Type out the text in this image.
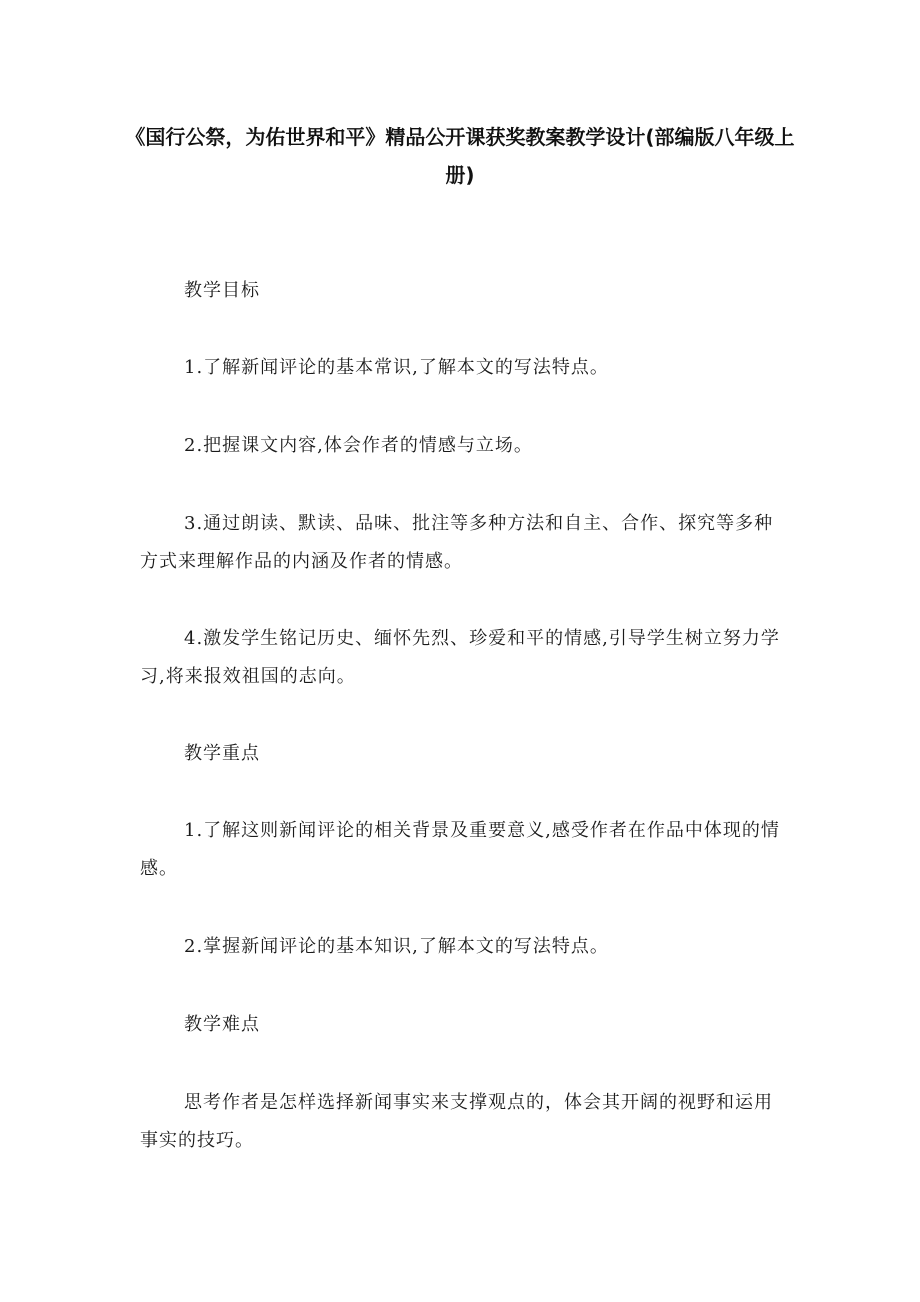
《国行公祭，为佑世界和平》精品公开课获奖教案教学设计(部编版八年级上册)

教学目标

1.了解新闻评论的基本常识,了解本文的写法特点。

2.把握课文内容,体会作者的情感与立场。

3.通过朗读、默读、品味、批注等多种方法和自主、合作、探究等多种方式来理解作品的内涵及作者的情感。

4.激发学生铭记历史、缅怀先烈、珍爱和平的情感,引导学生树立努力学习,将来报效祖国的志向。

教学重点

1.了解这则新闻评论的相关背景及重要意义,感受作者在作品中体现的情感。

2.掌握新闻评论的基本知识,了解本文的写法特点。

教学难点

思考作者是怎样选择新闻事实来支撑观点的，体会其开阔的视野和运用事实的技巧。
